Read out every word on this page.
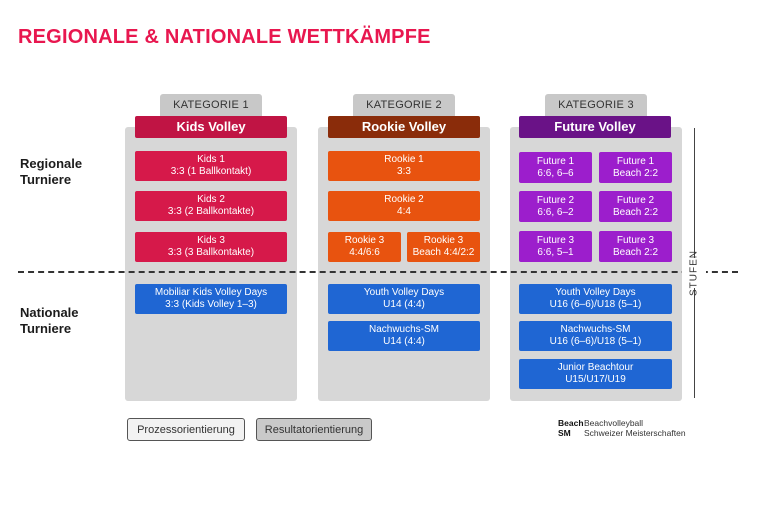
REGIONALE & NATIONALE WETTKÄMPFE
Regionale
Turniere
Nationale
Turniere
KATEGORIE 1
Kids Volley
Kids 1
3:3 (1 Ballkontakt)
Kids 2
3:3 (2 Ballkontakte)
Kids 3
3:3 (3 Ballkontakte)
Mobiliar Kids Volley Days
3:3 (Kids Volley 1–3)
KATEGORIE 2
Rookie Volley
Rookie 1
3:3
Rookie 2
4:4
Rookie 3
4:4/6:6
Rookie 3
Beach 4:4/2:2
Youth Volley Days
U14 (4:4)
Nachwuchs-SM
U14 (4:4)
KATEGORIE 3
Future Volley
Future 1
6:6, 6–6
Future 1
Beach 2:2
Future 2
6:6, 6–2
Future 2
Beach 2:2
Future 3
6:6, 5–1
Future 3
Beach 2:2
Youth Volley Days
U16 (6–6)/U18 (5–1)
Nachwuchs-SM
U16 (6–6)/U18 (5–1)
Junior Beachtour
U15/U17/U19
STUFEN
Prozessorientierung	Resultatorientierung
BeachBeachvolleyball
SM Schweizer Meisterschaften
